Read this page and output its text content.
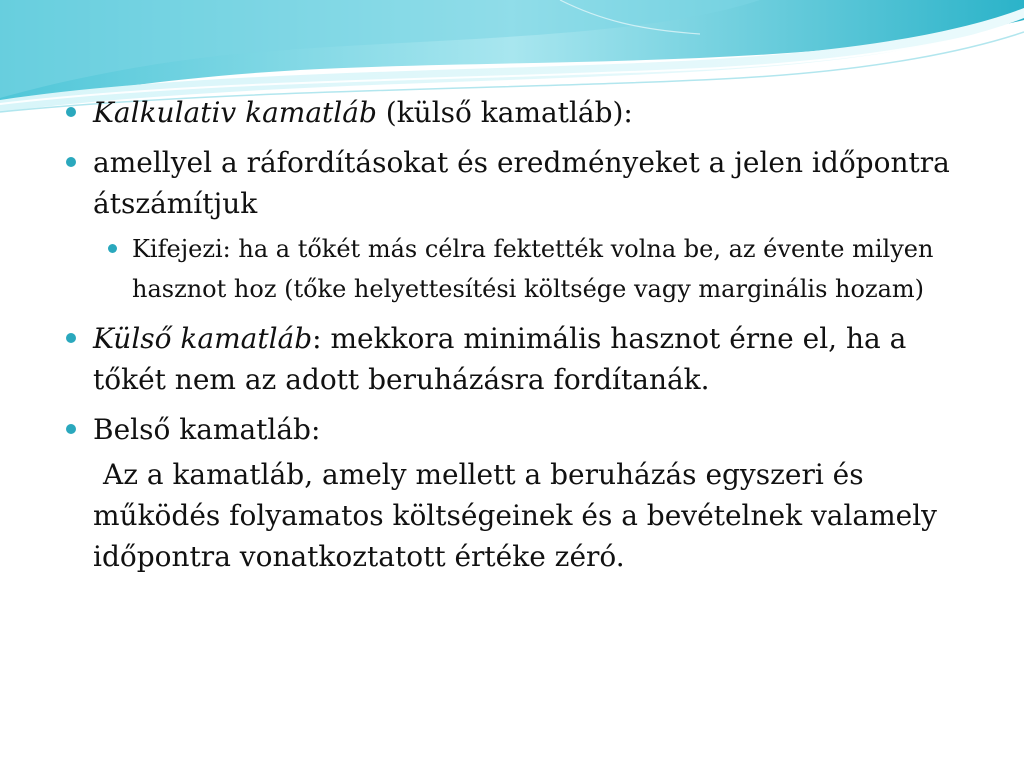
Kalkulativ kamatláb (külső kamatláb):
amellyel a ráfordításokat és eredményeket a jelen időpontra átszámítjuk
Kifejezi: ha a tőkét más célra fektették volna be, az évente milyen hasznot hoz (tőke helyettesítési költsége vagy marginális hozam)
Külső kamatláb: mekkora minimális hasznot érne el, ha a tőkét nem az adott beruházásra fordítanák.
Belső kamatláb:
Az a kamatláb, amely mellett a beruházás egyszeri és működés folyamatos költségeinek és a bevételnek valamely időpontra vonatkoztatott értéke zéró.
